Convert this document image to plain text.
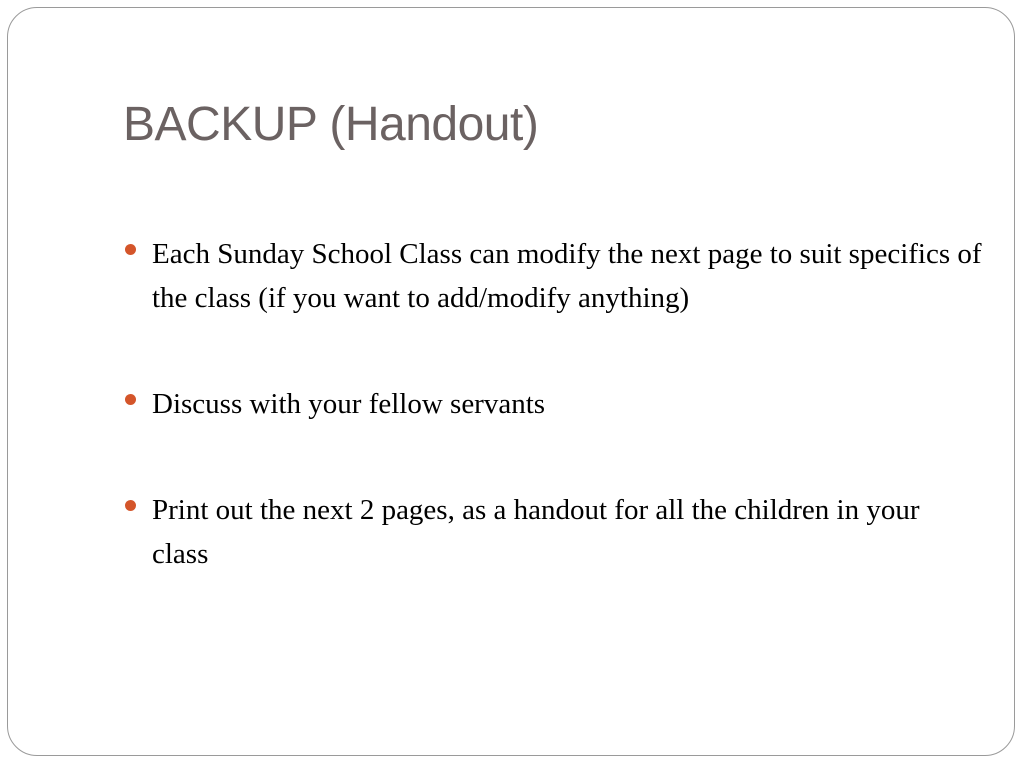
BACKUP (Handout)
Each Sunday School Class can modify the next page to suit specifics of the class (if you want to add/modify anything)
Discuss with your fellow servants
Print out the next 2 pages, as a handout for all the children in your class
